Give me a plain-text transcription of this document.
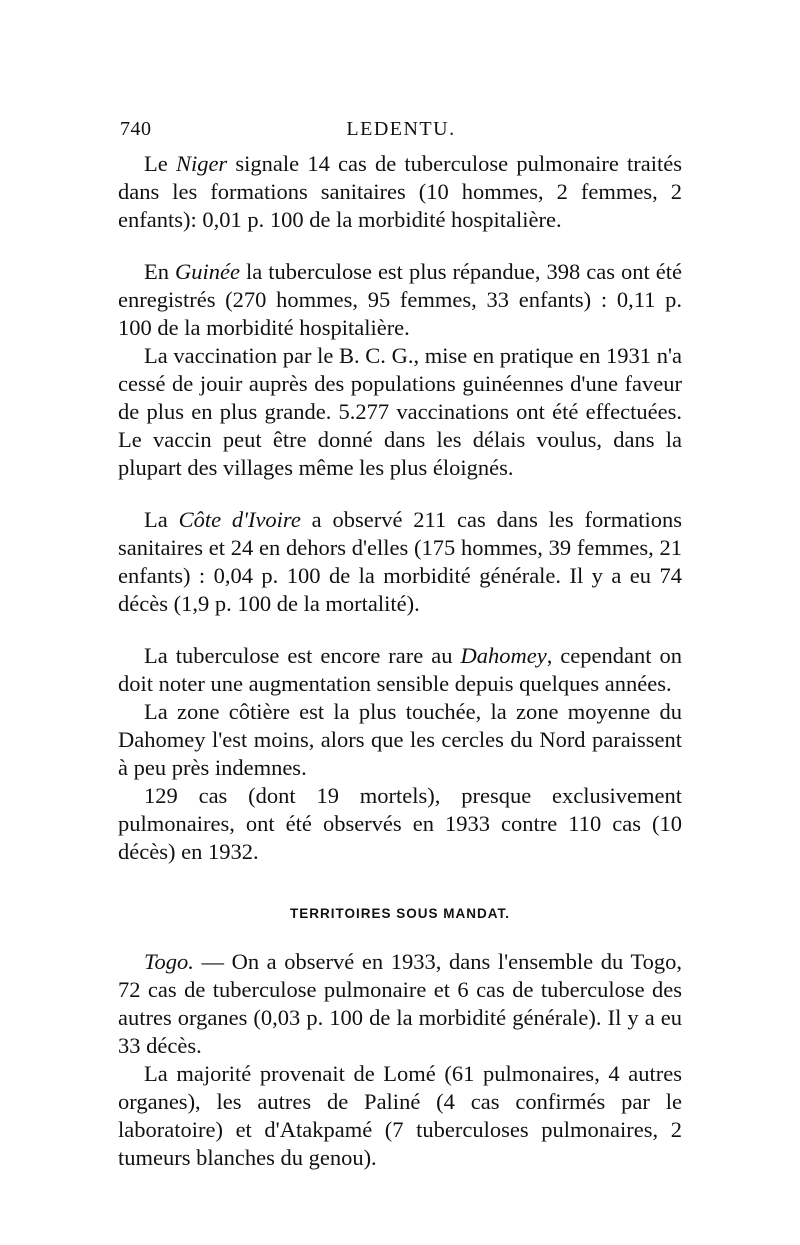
740	LEDENTU.

Le Niger signale 14 cas de tuberculose pulmonaire traités dans les formations sanitaires (10 hommes, 2 femmes, 2 enfants): 0,01 p. 100 de la morbidité hospitalière.

En Guinée la tuberculose est plus répandue, 398 cas ont été enregistrés (270 hommes, 95 femmes, 33 enfants) : 0,11 p. 100 de la morbidité hospitalière.

La vaccination par le B. C. G., mise en pratique en 1931 n'a cessé de jouir auprès des populations guinéennes d'une faveur de plus en plus grande. 5.277 vaccinations ont été effectuées. Le vaccin peut être donné dans les délais voulus, dans la plupart des villages même les plus éloignés.

La Côte d'Ivoire a observé 211 cas dans les formations sanitaires et 24 en dehors d'elles (175 hommes, 39 femmes, 21 enfants) : 0,04 p. 100 de la morbidité générale. Il y a eu 74 décès (1,9 p. 100 de la mortalité).

La tuberculose est encore rare au Dahomey, cependant on doit noter une augmentation sensible depuis quelques années.

La zone côtière est la plus touchée, la zone moyenne du Dahomey l'est moins, alors que les cercles du Nord paraissent à peu près indemnes.

129 cas (dont 19 mortels), presque exclusivement pulmonaires, ont été observés en 1933 contre 110 cas (10 décès) en 1932.

TERRITOIRES SOUS MANDAT.

Togo. — On a observé en 1933, dans l'ensemble du Togo, 72 cas de tuberculose pulmonaire et 6 cas de tuberculose des autres organes (0,03 p. 100 de la morbidité générale). Il y a eu 33 décès.

La majorité provenait de Lomé (61 pulmonaires, 4 autres organes), les autres de Paliné (4 cas confirmés par le laboratoire) et d'Atakpamé (7 tuberculoses pulmonaires, 2 tumeurs blanches du genou).
